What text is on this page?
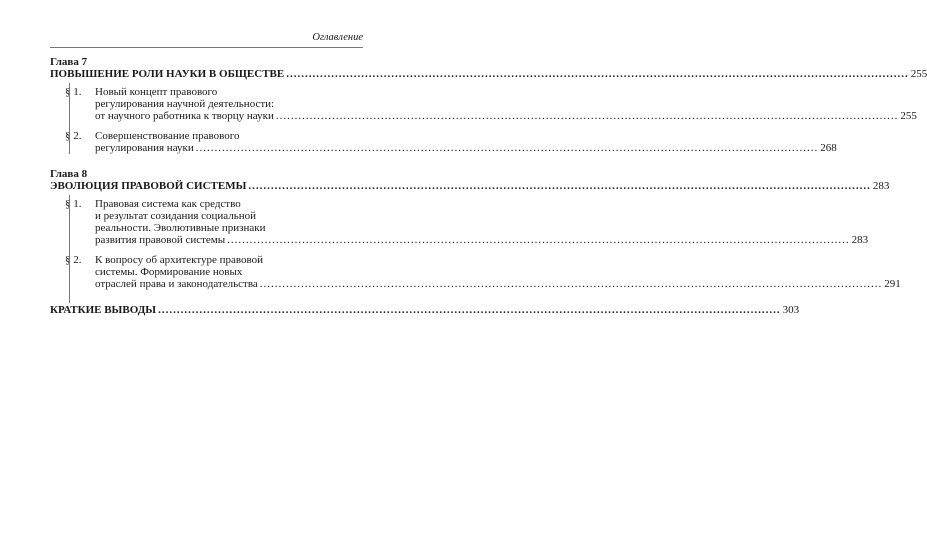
Оглавление
Глава 7
ПОВЫШЕНИЕ РОЛИ НАУКИ В ОБЩЕСТВЕ .....	255
§ 1.	Новый концепт правового
регулирования научной деятельности:
от научного работника к творцу науки .....	255
§ 2.	Совершенствование правового
регулирования науки .....	268
Глава 8
ЭВОЛЮЦИЯ ПРАВОВОЙ СИСТЕМЫ .....	283
§ 1.	Правовая система как средство
и результат созидания социальной
реальности. Эволютивные признаки
развития правовой системы .....	283
§ 2.	К вопросу об архитектуре правовой
системы. Формирование новых
отраслей права и законодательства .....	291
КРАТКИЕ ВЫВОДЫ .....	303
